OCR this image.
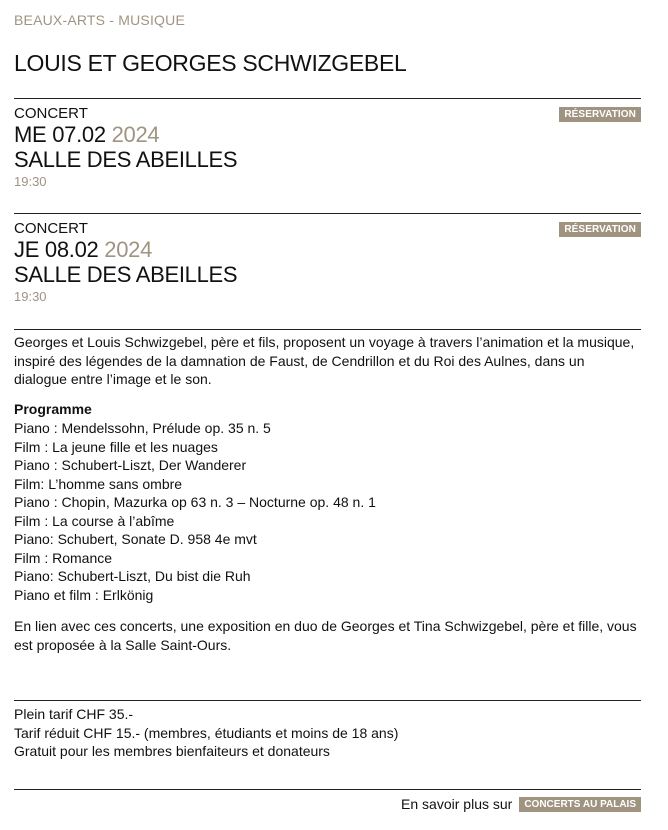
BEAUX-ARTS - MUSIQUE
LOUIS ET GEORGES SCHWIZGEBEL
CONCERT
ME 07.02 2024
SALLE DES ABEILLES
19:30
RÉSERVATION
CONCERT
JE 08.02 2024
SALLE DES ABEILLES
19:30
RÉSERVATION
Georges et Louis Schwizgebel, père et fils, proposent un voyage à travers l’animation et la musique, inspiré des légendes de la damnation de Faust, de Cendrillon et du Roi des Aulnes, dans un dialogue entre l’image et le son.
Programme
Piano : Mendelssohn, Prélude op. 35 n. 5
Film : La jeune fille et les nuages
Piano : Schubert-Liszt, Der Wanderer
Film: L’homme sans ombre
Piano : Chopin, Mazurka op 63 n. 3 – Nocturne op. 48 n. 1
Film : La course à l’abîme
Piano: Schubert, Sonate D. 958 4e mvt
Film : Romance
Piano: Schubert-Liszt, Du bist die Ruh
Piano et film : Erlkönig
En lien avec ces concerts, une exposition en duo de Georges et Tina Schwizgebel, père et fille, vous est proposée à la Salle Saint-Ours.
Plein tarif CHF 35.-
Tarif réduit CHF 15.- (membres, étudiants et moins de 18 ans)
Gratuit pour les membres bienfaiteurs et donateurs
En savoir plus sur	CONCERTS AU PALAIS
